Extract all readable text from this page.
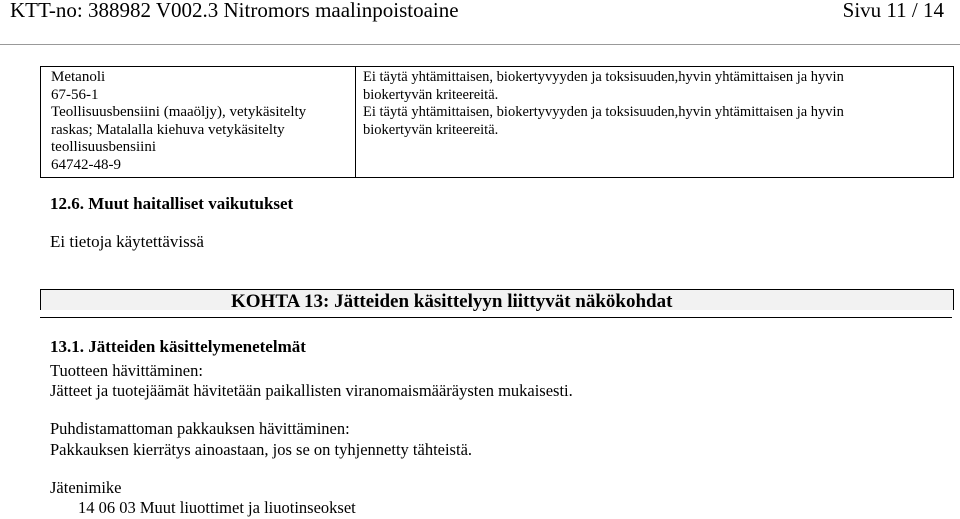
KTT-no: 388982 V002.3 Nitromors maalinpoistoaine	Sivu 11 / 14
Metanoli
67-56-1
Teollisuusbensiini (maaöljy), vetykäsitelty
raskas; Matalalla kiehuva vetykäsitelty
teollisuusbensiini
64742-48-9
Ei täytä yhtämittaisen, biokertyvyyden ja toksisuuden,hyvin yhtämittaisen ja hyvin
biokertyvän kriteereitä.
Ei täytä yhtämittaisen, biokertyvyyden ja toksisuuden,hyvin yhtämittaisen ja hyvin
biokertyvän kriteereitä.
12.6. Muut haitalliset vaikutukset
Ei tietoja käytettävissä
KOHTA 13: Jätteiden käsittelyyn liittyvät näkökohdat
13.1. Jätteiden käsittelymenetelmät
Tuotteen hävittäminen:
Jätteet ja tuotejäämät hävitetään paikallisten viranomaismääräysten mukaisesti.
Puhdistamattoman pakkauksen hävittäminen:
Pakkauksen kierrätys ainoastaan, jos se on tyhjennetty tähteistä.
Jätenimike
14 06 03 Muut liuottimet ja liuotinseokset
